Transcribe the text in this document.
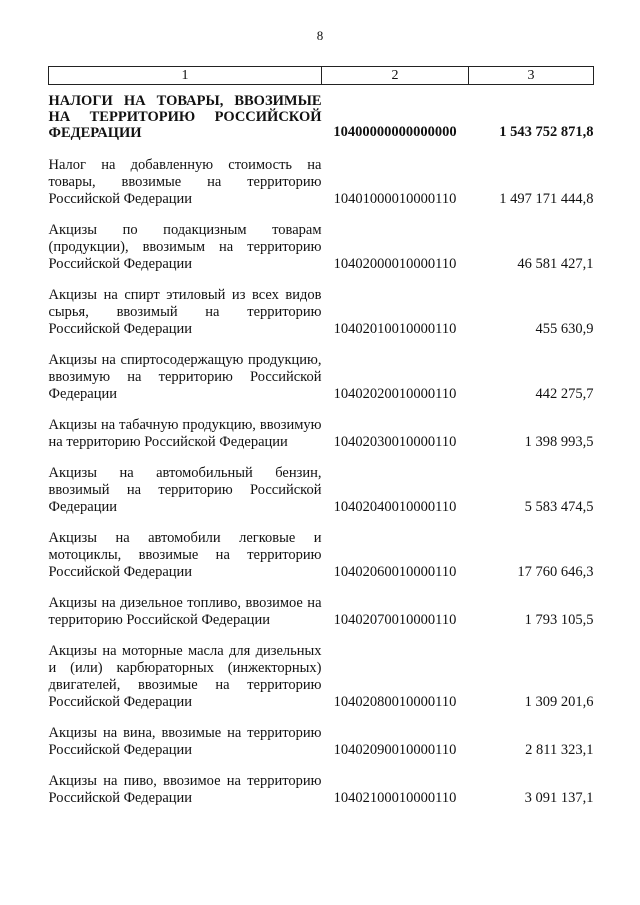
8
1	2	3
НАЛОГИ НА ТОВАРЫ, ВВОЗИМЫЕ НА ТЕРРИТОРИЮ РОССИЙСКОЙ ФЕДЕРАЦИИ	10400000000000000	1 543 752 871,8
Налог на добавленную стоимость на товары, ввозимые на территорию Российской Федерации	10401000010000110	1 497 171 444,8
Акцизы по подакцизным товарам (продукции), ввозимым на территорию Российской Федерации	10402000010000110	46 581 427,1
Акцизы на спирт этиловый из всех видов сырья, ввозимый на территорию Российской Федерации	10402010010000110	455 630,9
Акцизы на спиртосодержащую продукцию, ввозимую на территорию Российской Федерации	10402020010000110	442 275,7
Акцизы на табачную продукцию, ввозимую на территорию Российской Федерации	10402030010000110	1 398 993,5
Акцизы на автомобильный бензин, ввозимый на территорию Российской Федерации	10402040010000110	5 583 474,5
Акцизы на автомобили легковые и мотоциклы, ввозимые на территорию Российской Федерации	10402060010000110	17 760 646,3
Акцизы на дизельное топливо, ввозимое на территорию Российской Федерации	10402070010000110	1 793 105,5
Акцизы на моторные масла для дизельных и (или) карбюраторных (инжекторных) двигателей, ввозимые на территорию Российской Федерации	10402080010000110	1 309 201,6
Акцизы на вина, ввозимые на территорию Российской Федерации	10402090010000110	2 811 323,1
Акцизы на пиво, ввозимое на территорию Российской Федерации	10402100010000110	3 091 137,1
